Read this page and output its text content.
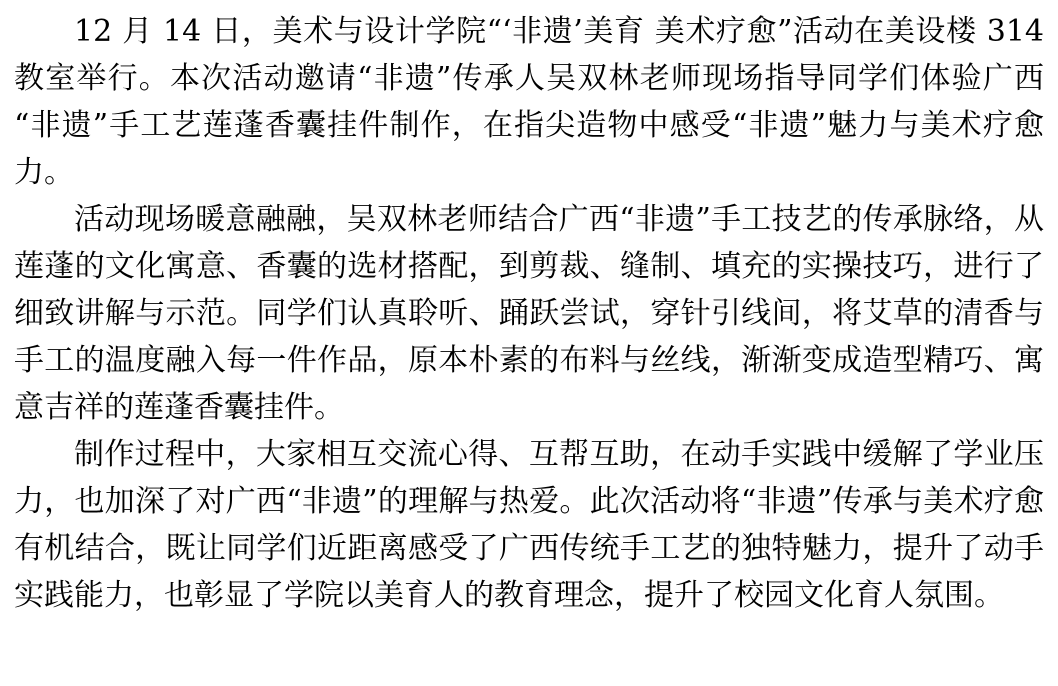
12 月 14 日，美术与设计学院“‘非遗’美育 美术疗愈”活动在美设楼 314 教室举行。本次活动邀请“非遗”传承人吴双林老师现场指导同学们体验广西“非遗”手工艺莲蓬香囊挂件制作，在指尖造物中感受“非遗”魅力与美术疗愈力。

活动现场暖意融融，吴双林老师结合广西“非遗”手工技艺的传承脉络，从莲蓬的文化寓意、香囊的选材搭配，到剪裁、缝制、填充的实操技巧，进行了细致讲解与示范。同学们认真聆听、踊跃尝试，穿针引线间，将艾草的清香与手工的温度融入每一件作品，原本朴素的布料与丝线，渐渐变成造型精巧、寓意吉祥的莲蓬香囊挂件。

制作过程中，大家相互交流心得、互帮互助，在动手实践中缓解了学业压力，也加深了对广西“非遗”的理解与热爱。此次活动将“非遗”传承与美术疗愈有机结合，既让同学们近距离感受了广西传统手工艺的独特魅力，提升了动手实践能力，也彰显了学院以美育人的教育理念，提升了校园文化育人氛围。
